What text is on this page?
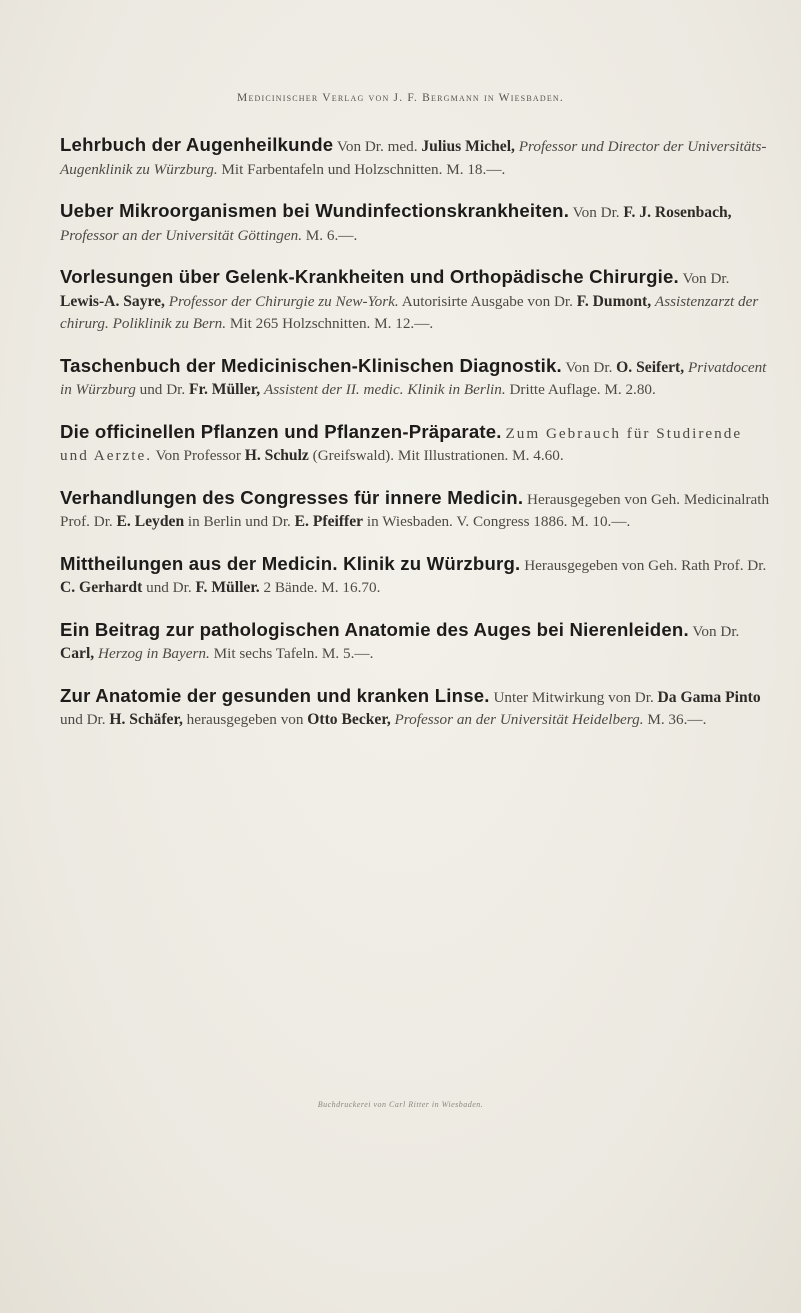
Medicinischer Verlag von J. F. Bergmann in Wiesbaden.
Lehrbuch der Augenheilkunde Von Dr. med. Julius Michel, Professor und Director der Universitäts-Augenklinik zu Würzburg. Mit Farbentafeln und Holzschnitten. M. 18.—.
Ueber Mikroorganismen bei Wundinfectionskrankheiten. Von Dr. F. J. Rosenbach, Professor an der Universität Göttingen. M. 6.—.
Vorlesungen über Gelenk-Krankheiten und Orthopädische Chirurgie. Von Dr. Lewis-A. Sayre, Professor der Chirurgie zu New-York. Autorisirte Ausgabe von Dr. F. Dumont, Assistenzarzt der chirurg. Poliklinik zu Bern. Mit 265 Holzschnitten. M. 12.—.
Taschenbuch der Medicinischen-Klinischen Diagnostik. Von Dr. O. Seifert, Privatdocent in Würzburg und Dr. Fr. Müller, Assistent der II. medic. Klinik in Berlin. Dritte Auflage. M. 2.80.
Die officinellen Pflanzen und Pflanzen-Präparate. Zum Gebrauch für Studirende und Aerzte. Von Professor H. Schulz (Greifswald). Mit Illustrationen. M. 4.60.
Verhandlungen des Congresses für innere Medicin. Herausgegeben von Geh. Medicinalrath Prof. Dr. E. Leyden in Berlin und Dr. E. Pfeiffer in Wiesbaden. V. Congress 1886. M. 10.—.
Mittheilungen aus der Medicin. Klinik zu Würzburg. Herausgegeben von Geh. Rath Prof. Dr. C. Gerhardt und Dr. F. Müller. 2 Bände. M. 16.70.
Ein Beitrag zur pathologischen Anatomie des Auges bei Nierenleiden. Von Dr. Carl, Herzog in Bayern. Mit sechs Tafeln. M. 5.—.
Zur Anatomie der gesunden und kranken Linse. Unter Mitwirkung von Dr. Da Gama Pinto und Dr. H. Schäfer, herausgegeben von Otto Becker, Professor an der Universität Heidelberg. M. 36.—.
Buchdruckerei von Carl Ritter in Wiesbaden.
